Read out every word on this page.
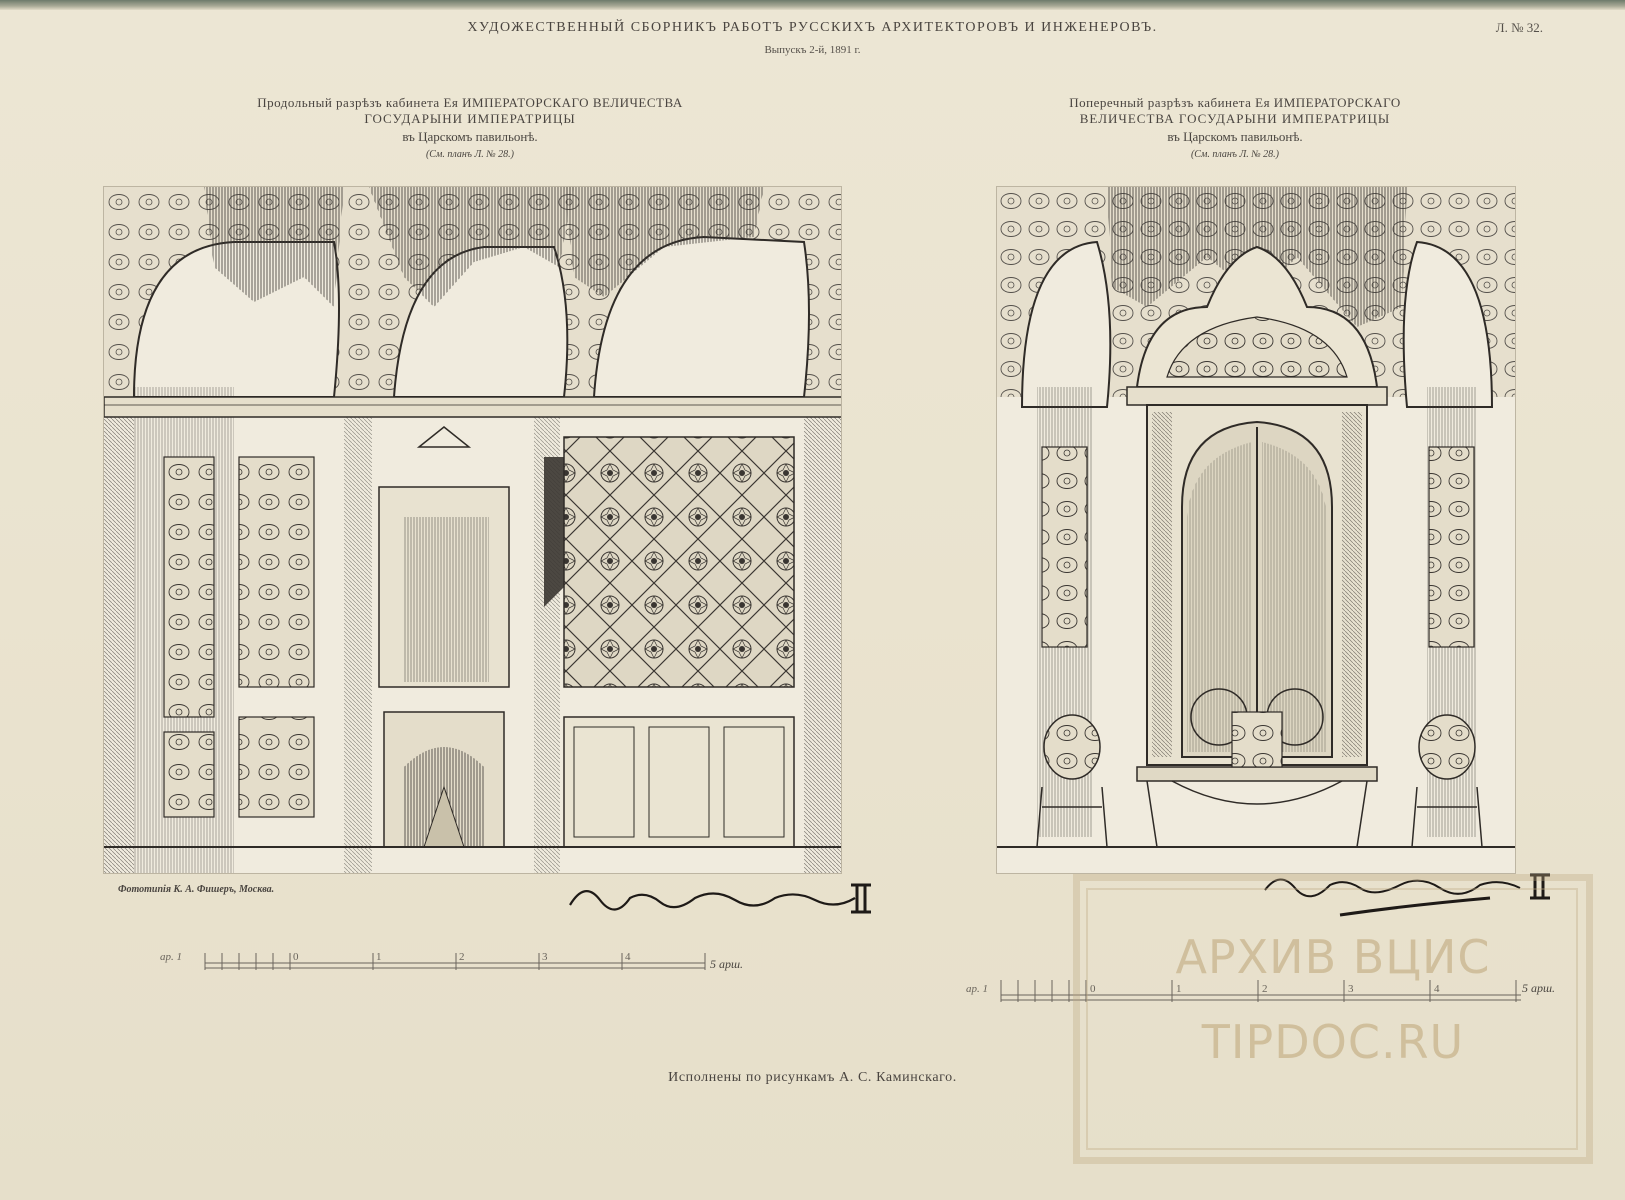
ХУДОЖЕСТВЕННЫЙ СБОРНИКЪ РАБОТЪ РУССКИХЪ АРХИТЕКТОРОВЪ И ИНЖЕНЕРОВЪ.
Выпускъ 2-й, 1891 г.
Л. № 32.
Продольный разрѣзъ кабинета Ея ИМПЕРАТОРСКАГО ВЕЛИЧЕСТВА
ГОСУДАРЫНИ ИМПЕРАТРИЦЫ
въ Царскомъ павильонѣ.
(См. планъ Л. № 28.)
Поперечный разрѣзъ кабинета Ея ИМПЕРАТОРСКАГО
ВЕЛИЧЕСТВА ГОСУДАРЫНИ ИМПЕРАТРИЦЫ
въ Царскомъ павильонѣ.
(См. планъ Л. № 28.)
Фототипія К. А. Фишеръ, Москва.
ар. 1	0	1	2	3	4	5 арш.
ар. 1	0	1	2	3	4	5 арш.
Исполнены по рисункамъ А. С. Каминскаго.
АРХИВ ВЦИС
TIPDOC.RU
